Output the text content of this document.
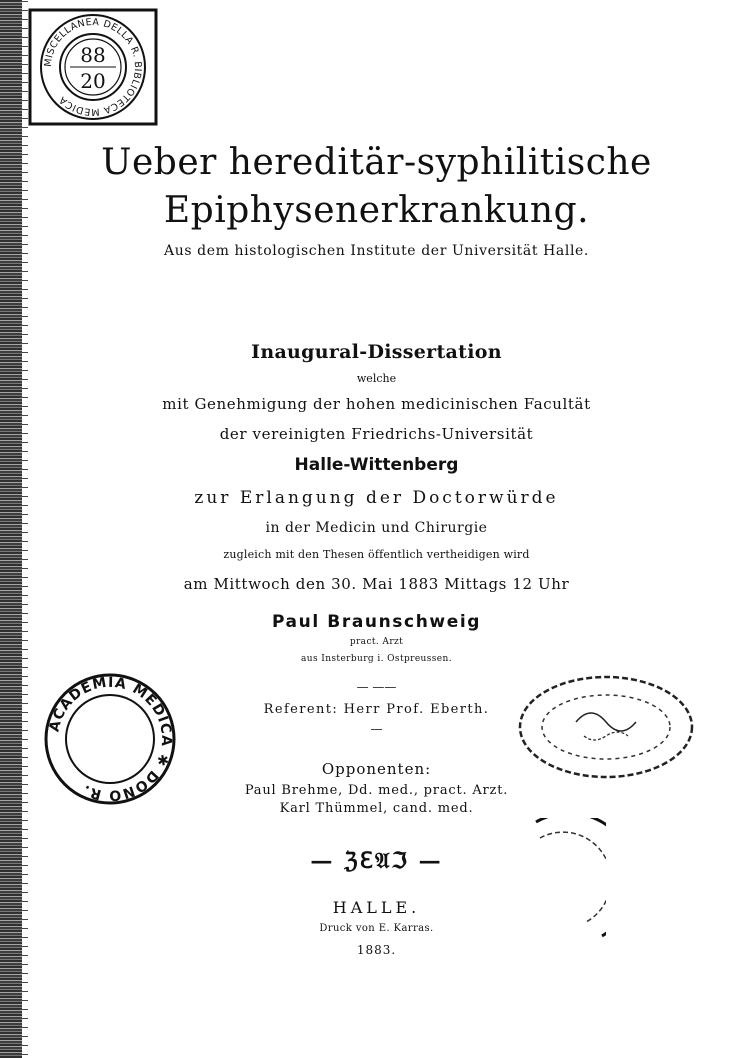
MISCELLANEA DELLA R. BIBLIOTECA MEDICA
88
20
Ueber hereditär-syphilitische
Epiphysenerkrankung.
Aus dem histologischen Institute der Universität Halle.
Inaugural-Dissertation
welche
mit Genehmigung der hohen medicinischen Facultät
der vereinigten Friedrichs-Universität
Halle-Wittenberg
zur Erlangung der Doctorwürde
in der Medicin und Chirurgie
zugleich mit den Thesen öffentlich vertheidigen wird
am Mittwoch den 30. Mai 1883 Mittags 12 Uhr
Paul Braunschweig
pract. Arzt
aus Insterburg i. Ostpreussen.
— ——
Referent: Herr Prof. Eberth.
—
Opponenten:
Paul Brehme, Dd. med., pract. Arzt.
Karl Thümmel, cand. med.
— ℨℇ𝔄ℑ —
HALLE.
Druck von E. Karras.
1883.
ACADEMIA MEDICA ✱ DONO R.
